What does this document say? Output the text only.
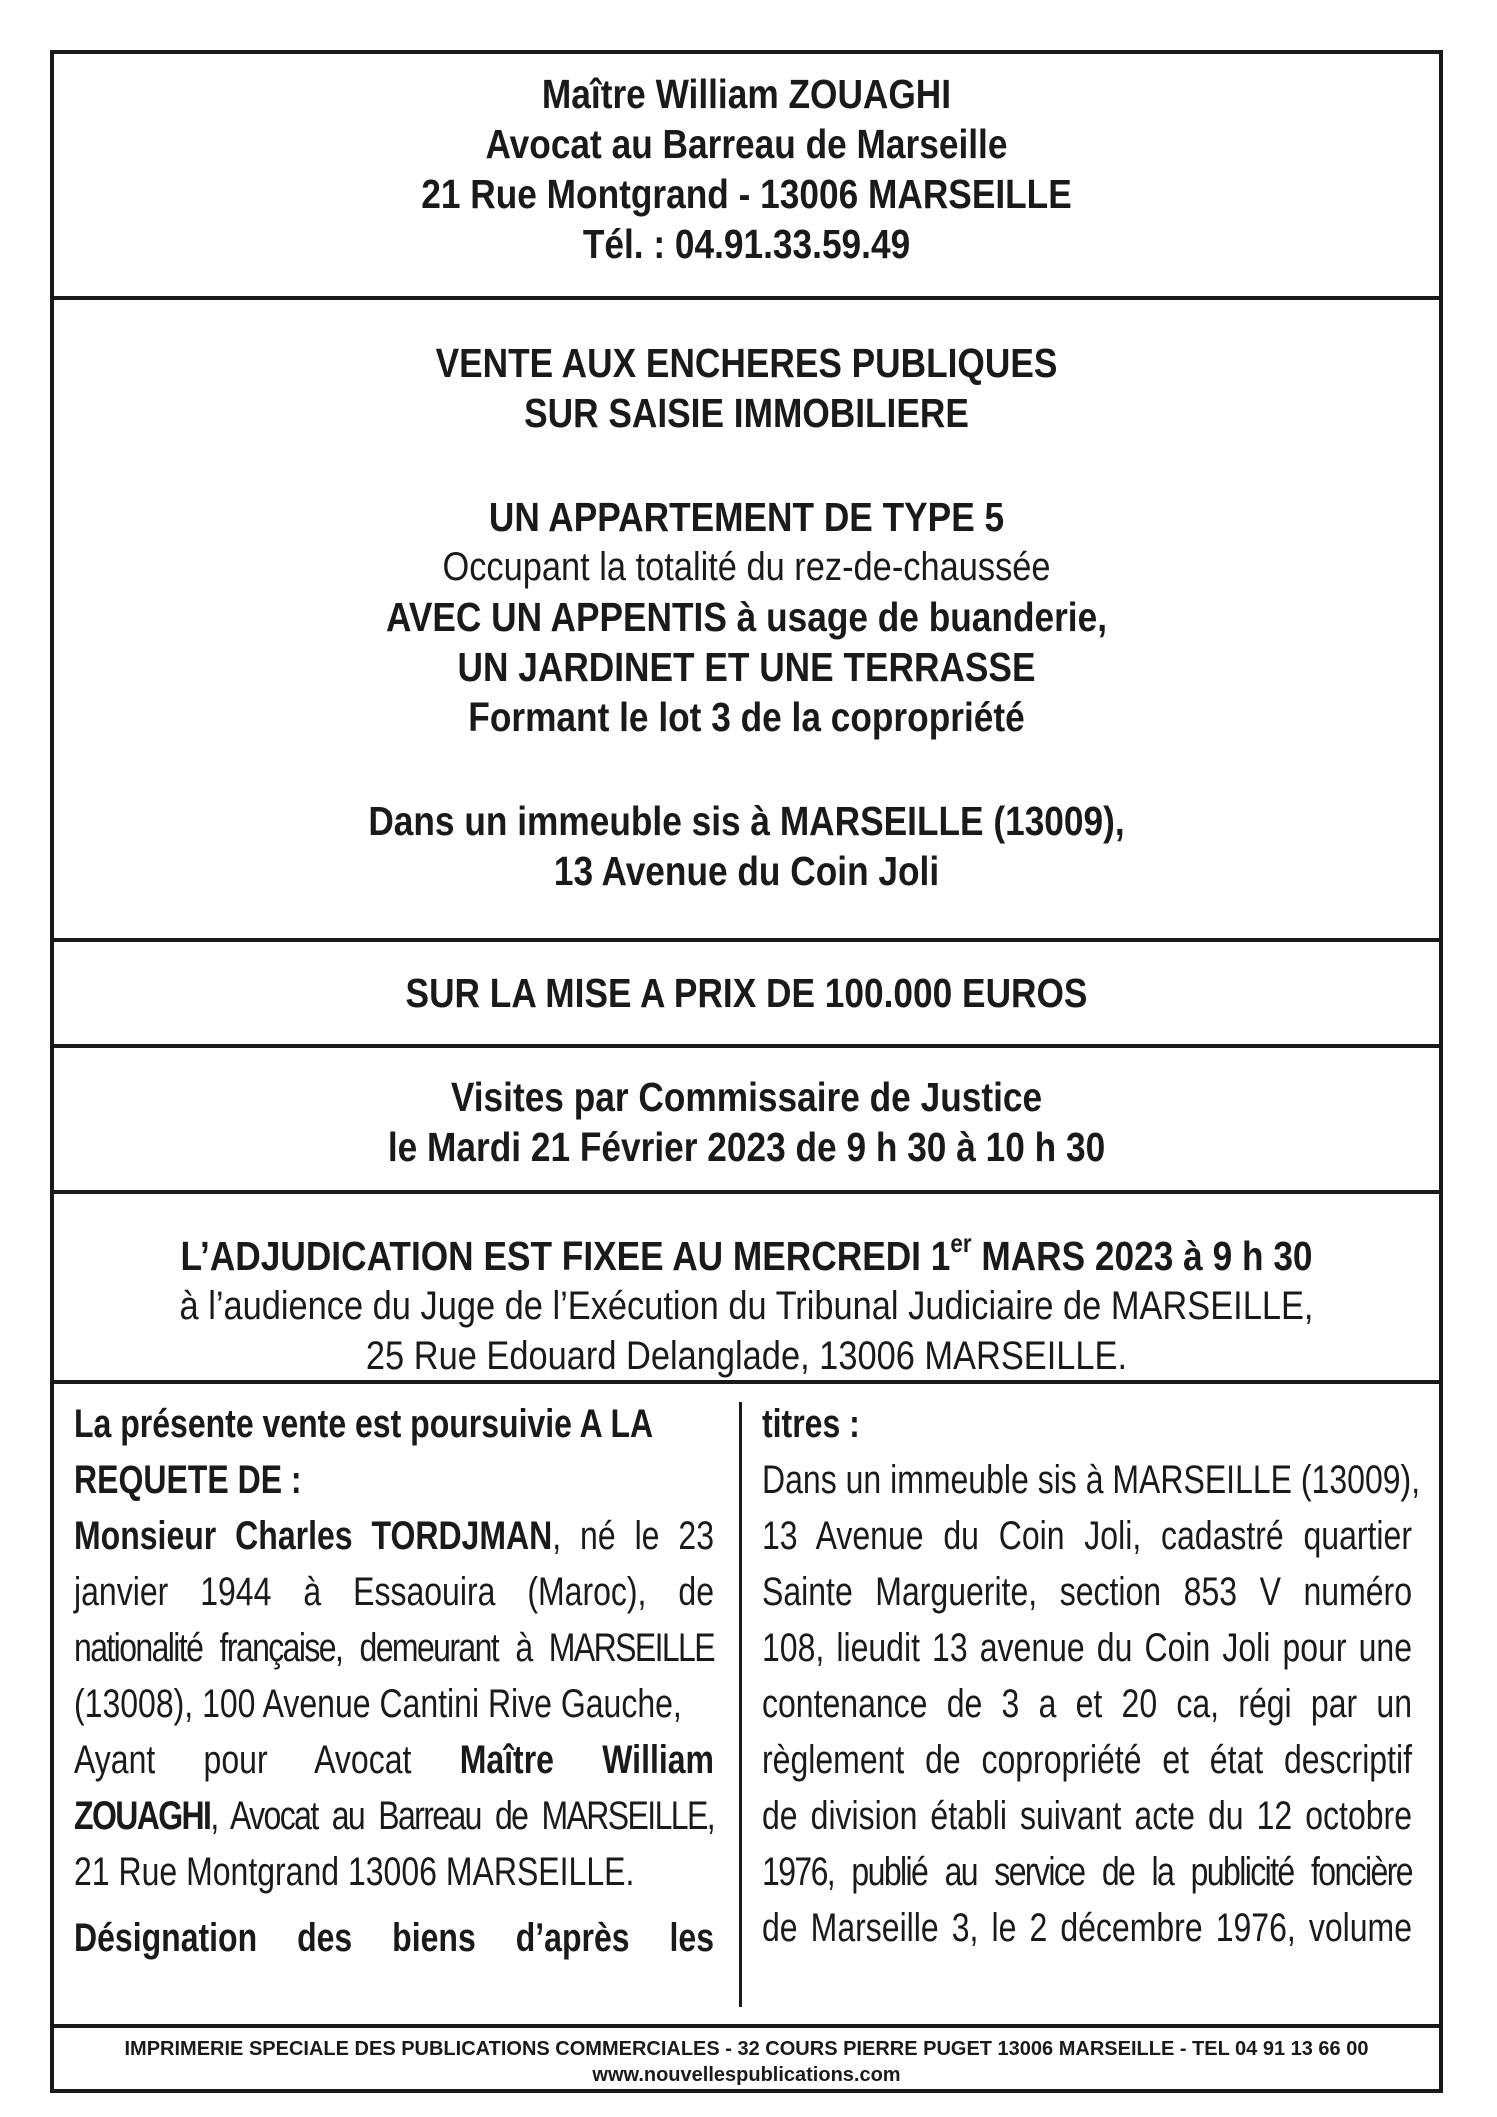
Maître William ZOUAGHI
Avocat au Barreau de Marseille
21 Rue Montgrand - 13006 MARSEILLE
Tél. : 04.91.33.59.49
VENTE AUX ENCHERES PUBLIQUES
SUR SAISIE IMMOBILIERE
UN APPARTEMENT DE TYPE 5
Occupant la totalité du rez-de-chaussée
AVEC UN APPENTIS à usage de buanderie,
UN JARDINET ET UNE TERRASSE
Formant le lot 3 de la copropriété
Dans un immeuble sis à MARSEILLE (13009),
13 Avenue du Coin Joli
SUR LA MISE A PRIX DE 100.000 EUROS
Visites par Commissaire de Justice
le Mardi 21 Février 2023 de 9 h 30 à 10 h 30
L’ADJUDICATION EST FIXEE AU MERCREDI 1er MARS 2023 à 9 h 30
à l’audience du Juge de l’Exécution du Tribunal Judiciaire de MARSEILLE,
25 Rue Edouard Delanglade, 13006 MARSEILLE.
La présente vente est poursuivie A LA
REQUETE DE :
Monsieur Charles TORDJMAN, né le 23
janvier 1944 à Essaouira (Maroc), de
nationalité française, demeurant à MARSEILLE
(13008), 100 Avenue Cantini Rive Gauche,
Ayant pour Avocat Maître William
ZOUAGHI, Avocat au Barreau de MARSEILLE,
21 Rue Montgrand 13006 MARSEILLE.
Désignation des biens d’après les
titres :
Dans un immeuble sis à MARSEILLE (13009),
13 Avenue du Coin Joli, cadastré quartier
Sainte Marguerite, section 853 V numéro
108, lieudit 13 avenue du Coin Joli pour une
contenance de 3 a et 20 ca, régi par un
règlement de copropriété et état descriptif
de division établi suivant acte du 12 octobre
1976, publié au service de la publicité foncière
de Marseille 3, le 2 décembre 1976, volume
IMPRIMERIE SPECIALE DES PUBLICATIONS COMMERCIALES - 32 COURS PIERRE PUGET 13006 MARSEILLE - TEL 04 91 13 66 00
www.nouvellespublications.com
